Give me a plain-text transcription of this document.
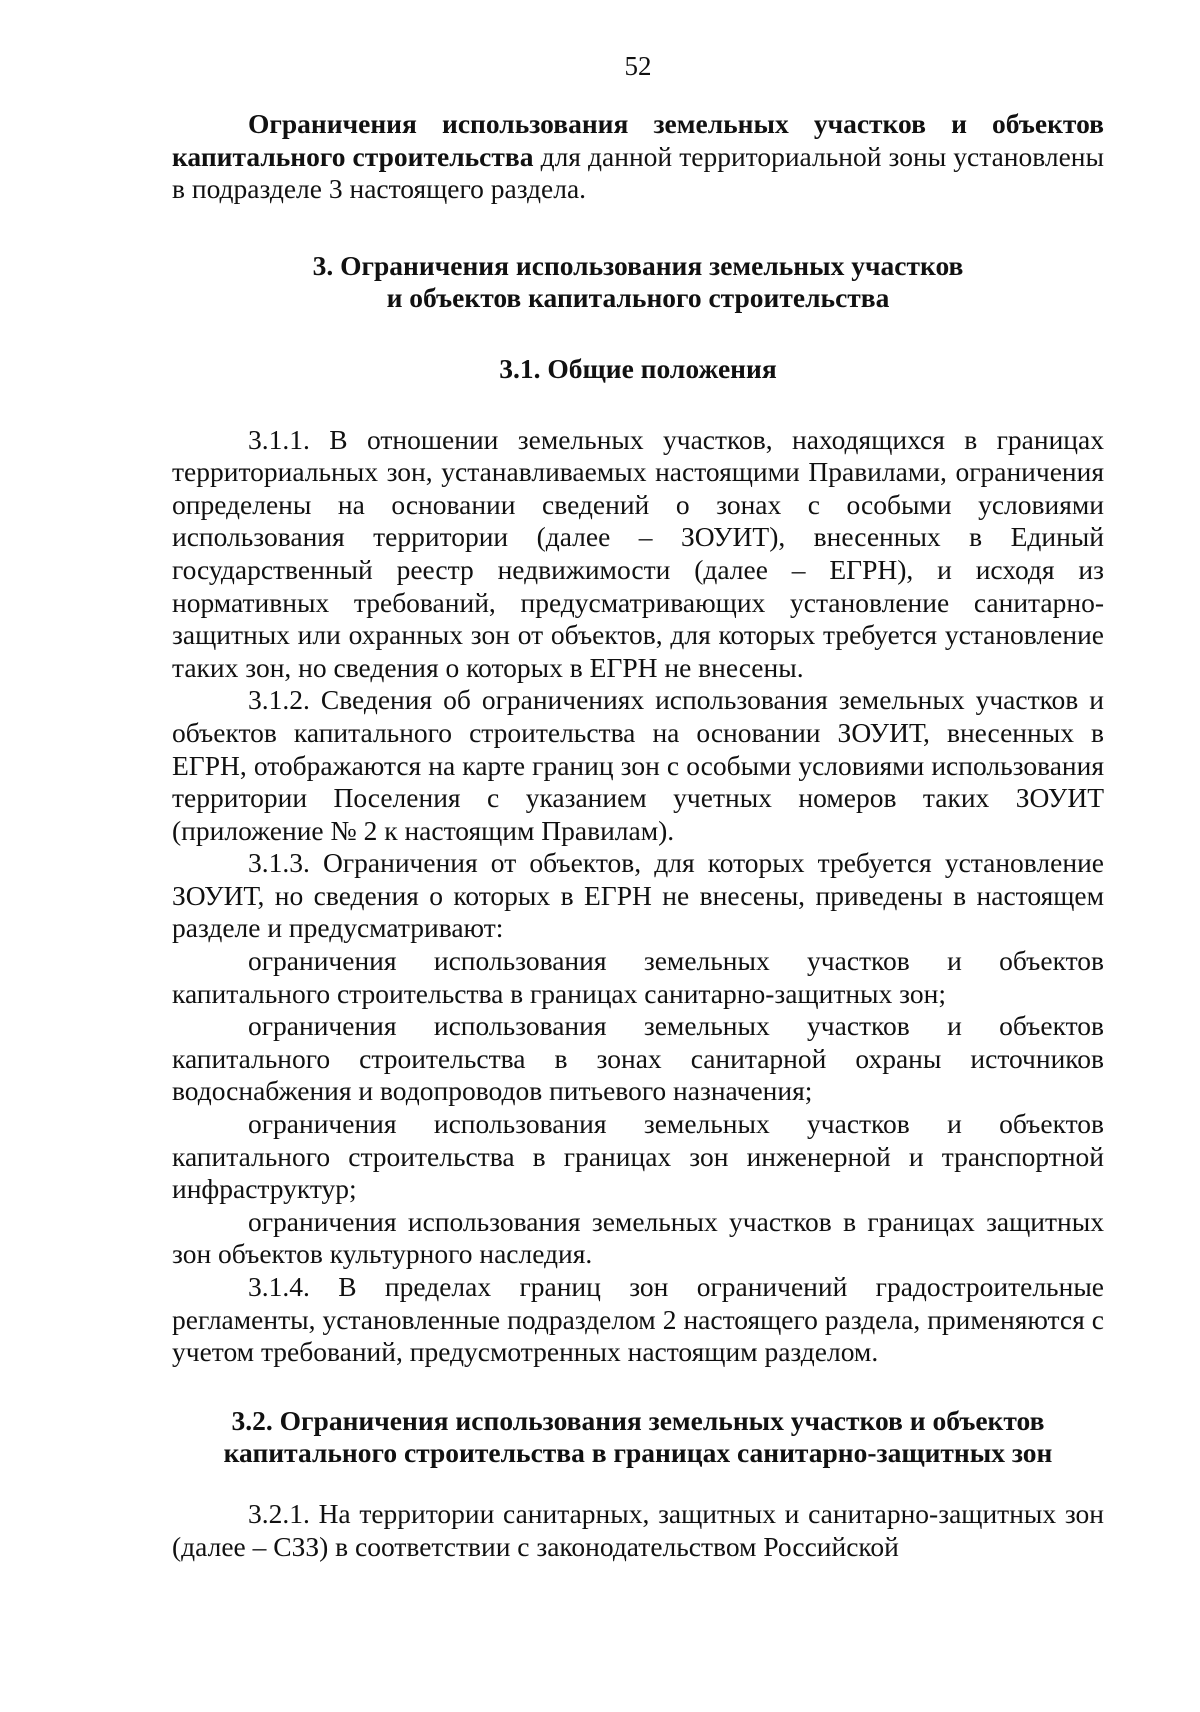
52

Ограничения использования земельных участков и объектов капитального строительства для данной территориальной зоны установлены в подразделе 3 настоящего раздела.

3. Ограничения использования земельных участков
и объектов капитального строительства
3.1. Общие положения

3.1.1. В отношении земельных участков, находящихся в границах территориальных зон, устанавливаемых настоящими Правилами, ограничения определены на основании сведений о зонах с особыми условиями использования территории (далее – ЗОУИТ), внесенных в Единый государственный реестр недвижимости (далее – ЕГРН), и исходя из нормативных требований, предусматривающих установление санитарно-защитных или охранных зон от объектов, для которых требуется установление таких зон, но сведения о которых в ЕГРН не внесены.

3.1.2. Сведения об ограничениях использования земельных участков и объектов капитального строительства на основании ЗОУИТ, внесенных в ЕГРН, отображаются на карте границ зон с особыми условиями использования территории Поселения с указанием учетных номеров таких ЗОУИТ (приложение № 2 к настоящим Правилам).

3.1.3. Ограничения от объектов, для которых требуется установление ЗОУИТ, но сведения о которых в ЕГРН не внесены, приведены в настоящем разделе и предусматривают:

ограничения использования земельных участков и объектов капитального строительства в границах санитарно-защитных зон;

ограничения использования земельных участков и объектов капитального строительства в зонах санитарной охраны источников водоснабжения и водопроводов питьевого назначения;

ограничения использования земельных участков и объектов капитального строительства в границах зон инженерной и транспортной инфраструктур;

ограничения использования земельных участков в границах защитных зон объектов культурного наследия.

3.1.4. В пределах границ зон ограничений градостроительные регламенты, установленные подразделом 2 настоящего раздела, применяются с учетом требований, предусмотренных настоящим разделом.

3.2. Ограничения использования земельных участков и объектов
капитального строительства в границах санитарно-защитных зон

3.2.1. На территории санитарных, защитных и санитарно-защитных зон (далее – СЗЗ) в соответствии с законодательством Российской
